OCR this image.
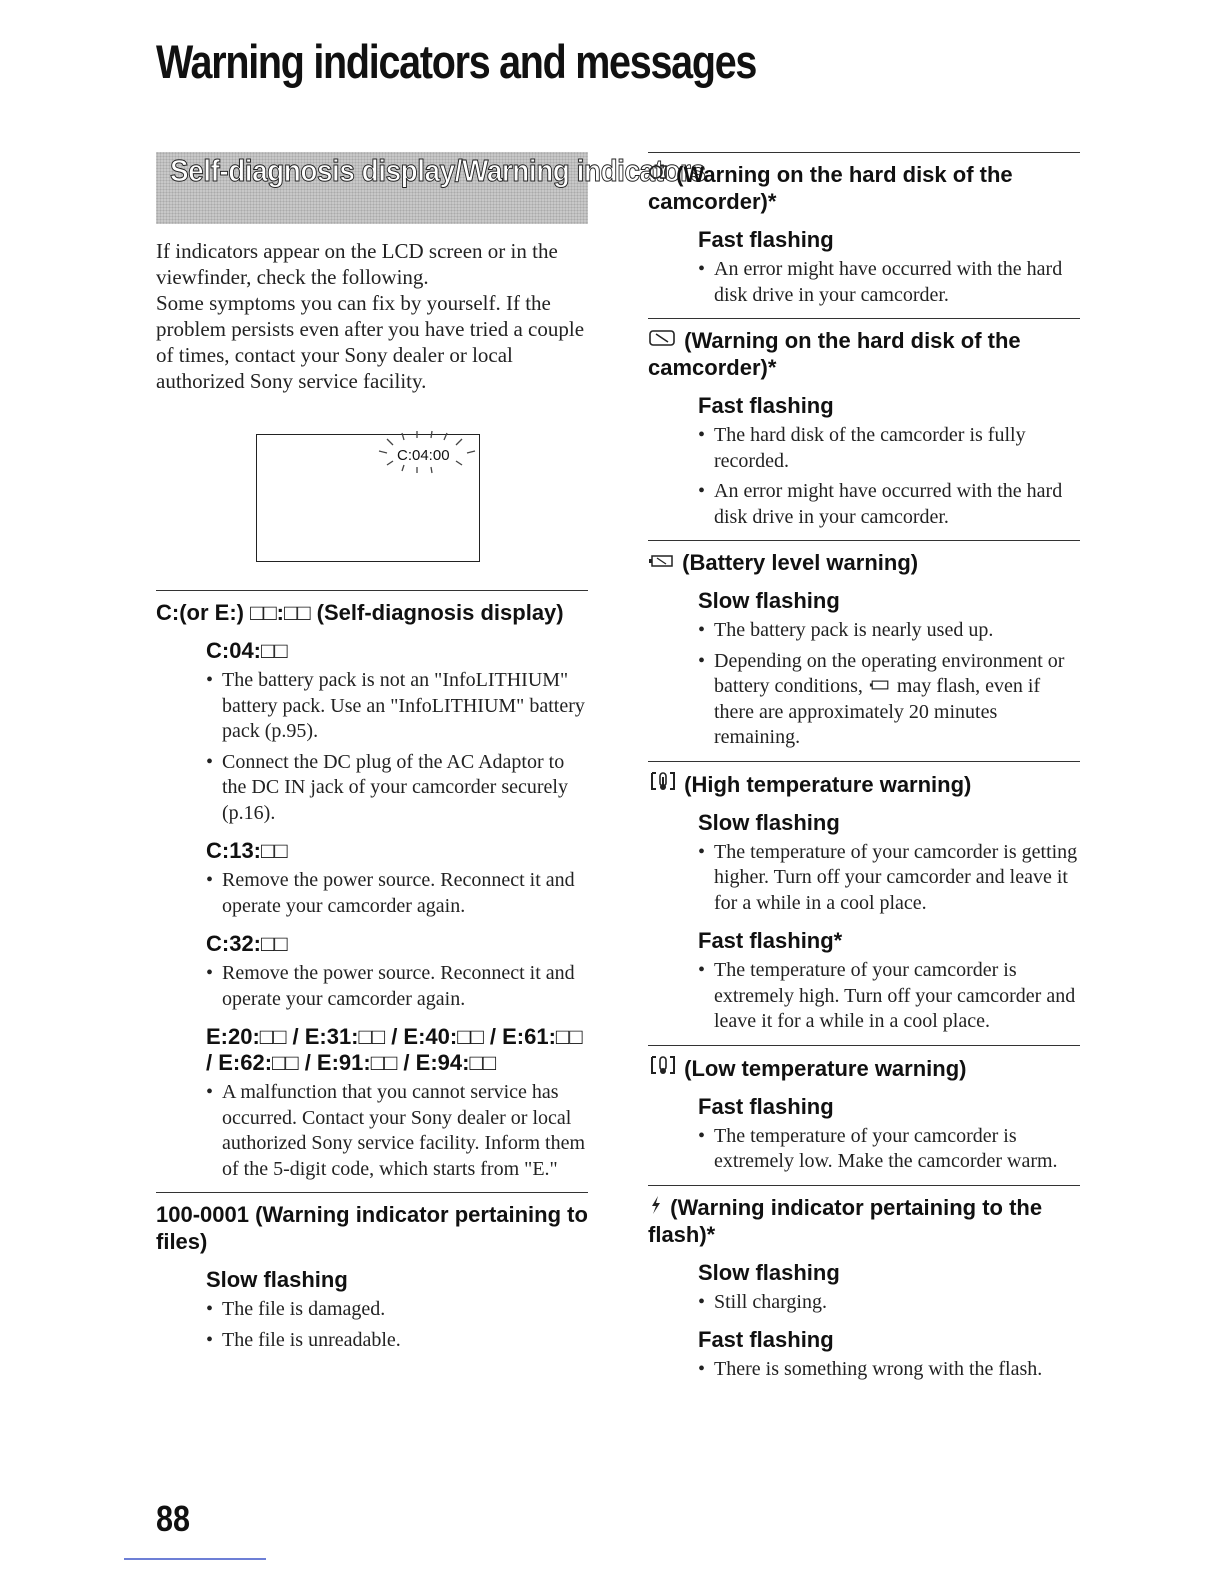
Warning indicators and messages
Self-diagnosis display/Warning indicators

If indicators appear on the LCD screen or in the viewfinder, check the following.

Some symptoms you can fix by yourself. If the problem persists even after you have tried a couple of times, contact your Sony dealer or local authorized Sony service facility.

C:04:00
C:(or E:) □□:□□ (Self-diagnosis display)
C:04:□□
• The battery pack is not an "InfoLITHIUM" battery pack. Use an "InfoLITHIUM" battery pack (p.95).
• Connect the DC plug of the AC Adaptor to the DC IN jack of your camcorder securely (p.16).
C:13:□□
• Remove the power source. Reconnect it and operate your camcorder again.
C:32:□□
• Remove the power source. Reconnect it and operate your camcorder again.
E:20:□□ / E:31:□□ / E:40:□□ / E:61:□□ / E:62:□□ / E:91:□□ / E:94:□□
• A malfunction that you cannot service has occurred. Contact your Sony dealer or local authorized Sony service facility. Inform them of the 5-digit code, which starts from "E."
100-0001 (Warning indicator pertaining to files)
Slow flashing
• The file is damaged.
• The file is unreadable.
(Warning on the hard disk of the camcorder)*
Fast flashing
• An error might have occurred with the hard disk drive in your camcorder.
(Warning on the hard disk of the camcorder)*
Fast flashing
• The hard disk of the camcorder is fully recorded.
• An error might have occurred with the hard disk drive in your camcorder.
(Battery level warning)
Slow flashing
• The battery pack is nearly used up.
• Depending on the operating environment or battery conditions, may flash, even if there are approximately 20 minutes remaining.
(High temperature warning)
Slow flashing
• The temperature of your camcorder is getting higher. Turn off your camcorder and leave it for a while in a cool place.
Fast flashing*
• The temperature of your camcorder is extremely high. Turn off your camcorder and leave it for a while in a cool place.
(Low temperature warning)
Fast flashing
• The temperature of your camcorder is extremely low. Make the camcorder warm.
(Warning indicator pertaining to the flash)*
Slow flashing
• Still charging.
Fast flashing
• There is something wrong with the flash.
88
